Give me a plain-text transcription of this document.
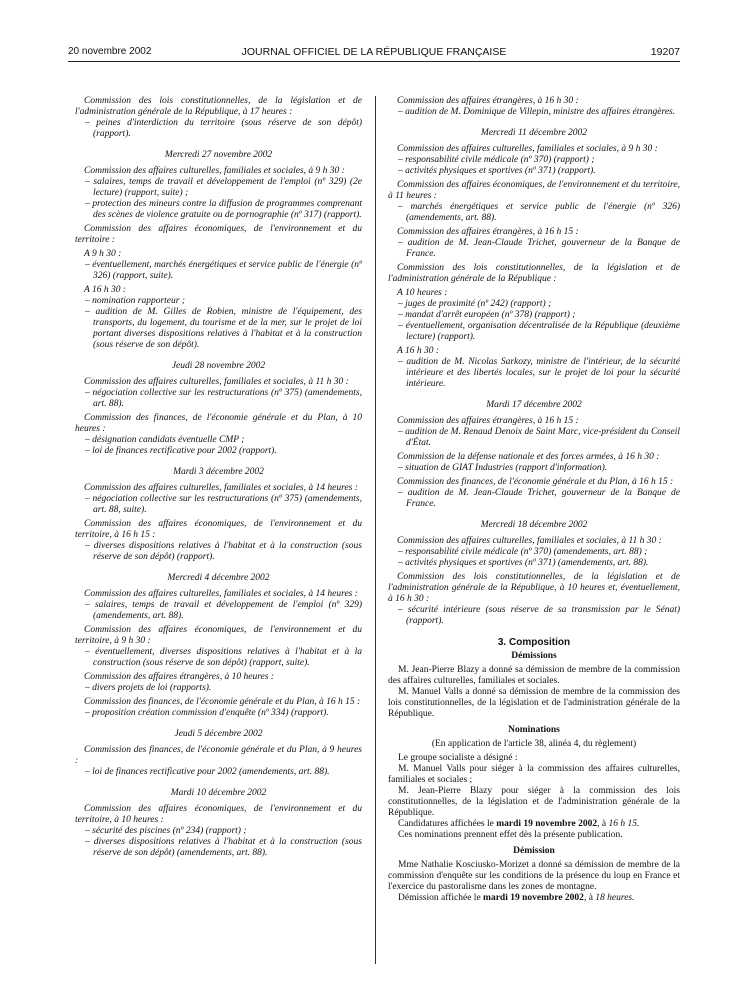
20 novembre 2002	JOURNAL OFFICIEL DE LA RÉPUBLIQUE FRANÇAISE	19207

Commission des lois constitutionnelles, de la législation et de l'administration générale de la République, à 17 heures :

– peines d'interdiction du territoire (sous réserve de son dépôt) (rapport).

Mercredi 27 novembre 2002

Commission des affaires culturelles, familiales et sociales, à 9 h 30 :

– salaires, temps de travail et développement de l'emploi (nº 329) (2e lecture) (rapport, suite) ;

– protection des mineurs contre la diffusion de programmes comprenant des scènes de violence gratuite ou de pornographie (nº 317) (rapport).

Commission des affaires économiques, de l'environnement et du territoire :

A 9 h 30 :

– éventuellement, marchés énergétiques et service public de l'énergie (nº 326) (rapport, suite).

A 16 h 30 :

– nomination rapporteur ;

– audition de M. Gilles de Robien, ministre de l'équipement, des transports, du logement, du tourisme et de la mer, sur le projet de loi portant diverses dispositions relatives à l'habitat et à la construction (sous réserve de son dépôt).

Jeudi 28 novembre 2002

Commission des affaires culturelles, familiales et sociales, à 11 h 30 :

– négociation collective sur les restructurations (nº 375) (amendements, art. 88).

Commission des finances, de l'économie générale et du Plan, à 10 heures :

– désignation candidats éventuelle CMP ;

– loi de finances rectificative pour 2002 (rapport).

Mardi 3 décembre 2002

Commission des affaires culturelles, familiales et sociales, à 14 heures :

– négociation collective sur les restructurations (nº 375) (amendements, art. 88, suite).

Commission des affaires économiques, de l'environnement et du territoire, à 16 h 15 :

– diverses dispositions relatives à l'habitat et à la construction (sous réserve de son dépôt) (rapport).

Mercredi 4 décembre 2002

Commission des affaires culturelles, familiales et sociales, à 14 heures :

– salaires, temps de travail et développement de l'emploi (nº 329) (amendements, art. 88).

Commission des affaires économiques, de l'environnement et du territoire, à 9 h 30 :

– éventuellement, diverses dispositions relatives à l'habitat et à la construction (sous réserve de son dépôt) (rapport, suite).

Commission des affaires étrangères, à 10 heures :

– divers projets de loi (rapports).

Commission des finances, de l'économie générale et du Plan, à 16 h 15 :

– proposition création commission d'enquête (nº 334) (rapport).

Jeudi 5 décembre 2002

Commission des finances, de l'économie générale et du Plan, à 9 heures :

– loi de finances rectificative pour 2002 (amendements, art. 88).

Mardi 10 décembre 2002

Commission des affaires économiques, de l'environnement et du territoire, à 10 heures :

– sécurité des piscines (nº 234) (rapport) ;

– diverses dispositions relatives à l'habitat et à la construction (sous réserve de son dépôt) (amendements, art. 88).

Commission des affaires étrangères, à 16 h 30 :

– audition de M. Dominique de Villepin, ministre des affaires étrangères.

Mercredi 11 décembre 2002

Commission des affaires culturelles, familiales et sociales, à 9 h 30 :

– responsabilité civile médicale (nº 370) (rapport) ;

– activités physiques et sportives (nº 371) (rapport).

Commission des affaires économiques, de l'environnement et du territoire, à 11 heures :

– marchés énergétiques et service public de l'énergie (nº 326) (amendements, art. 88).

Commission des affaires étrangères, à 16 h 15 :

– audition de M. Jean-Claude Trichet, gouverneur de la Banque de France.

Commission des lois constitutionnelles, de la législation et de l'administration générale de la République :

A 10 heures :

– juges de proximité (nº 242) (rapport) ;

– mandat d'arrêt européen (nº 378) (rapport) ;

– éventuellement, organisation décentralisée de la République (deuxième lecture) (rapport).

A 16 h 30 :

– audition de M. Nicolas Sarkozy, ministre de l'intérieur, de la sécurité intérieure et des libertés locales, sur le projet de loi pour la sécurité intérieure.

Mardi 17 décembre 2002

Commission des affaires étrangères, à 16 h 15 :

– audition de M. Renaud Denoix de Saint Marc, vice-président du Conseil d'État.

Commission de la défense nationale et des forces armées, à 16 h 30 :

– situation de GIAT Industries (rapport d'information).

Commission des finances, de l'économie générale et du Plan, à 16 h 15 :

– audition de M. Jean-Claude Trichet, gouverneur de la Banque de France.

Mercredi 18 décembre 2002

Commission des affaires culturelles, familiales et sociales, à 11 h 30 :

– responsabilité civile médicale (nº 370) (amendements, art. 88) ;

– activités physiques et sportives (nº 371) (amendements, art. 88).

Commission des lois constitutionnelles, de la législation et de l'administration générale de la République, à 10 heures et, éventuellement, à 16 h 30 :

– sécurité intérieure (sous réserve de sa transmission par le Sénat) (rapport).

3. Composition

Démissions

M. Jean-Pierre Blazy a donné sa démission de membre de la commission des affaires culturelles, familiales et sociales.

M. Manuel Valls a donné sa démission de membre de la commission des lois constitutionnelles, de la législation et de l'administration générale de la République.

Nominations

(En application de l'article 38, alinéa 4, du règlement)

Le groupe socialiste a désigné :

M. Manuel Valls pour siéger à la commission des affaires culturelles, familiales et sociales ;

M. Jean-Pierre Blazy pour siéger à la commission des lois constitutionnelles, de la législation et de l'administration générale de la République.

Candidatures affichées le mardi 19 novembre 2002, à 16 h 15.

Ces nominations prennent effet dès la présente publication.

Démission

Mme Nathalie Kosciusko-Morizet a donné sa démission de membre de la commission d'enquête sur les conditions de la présence du loup en France et l'exercice du pastoralisme dans les zones de montagne.

Démission affichée le mardi 19 novembre 2002, à 18 heures.
